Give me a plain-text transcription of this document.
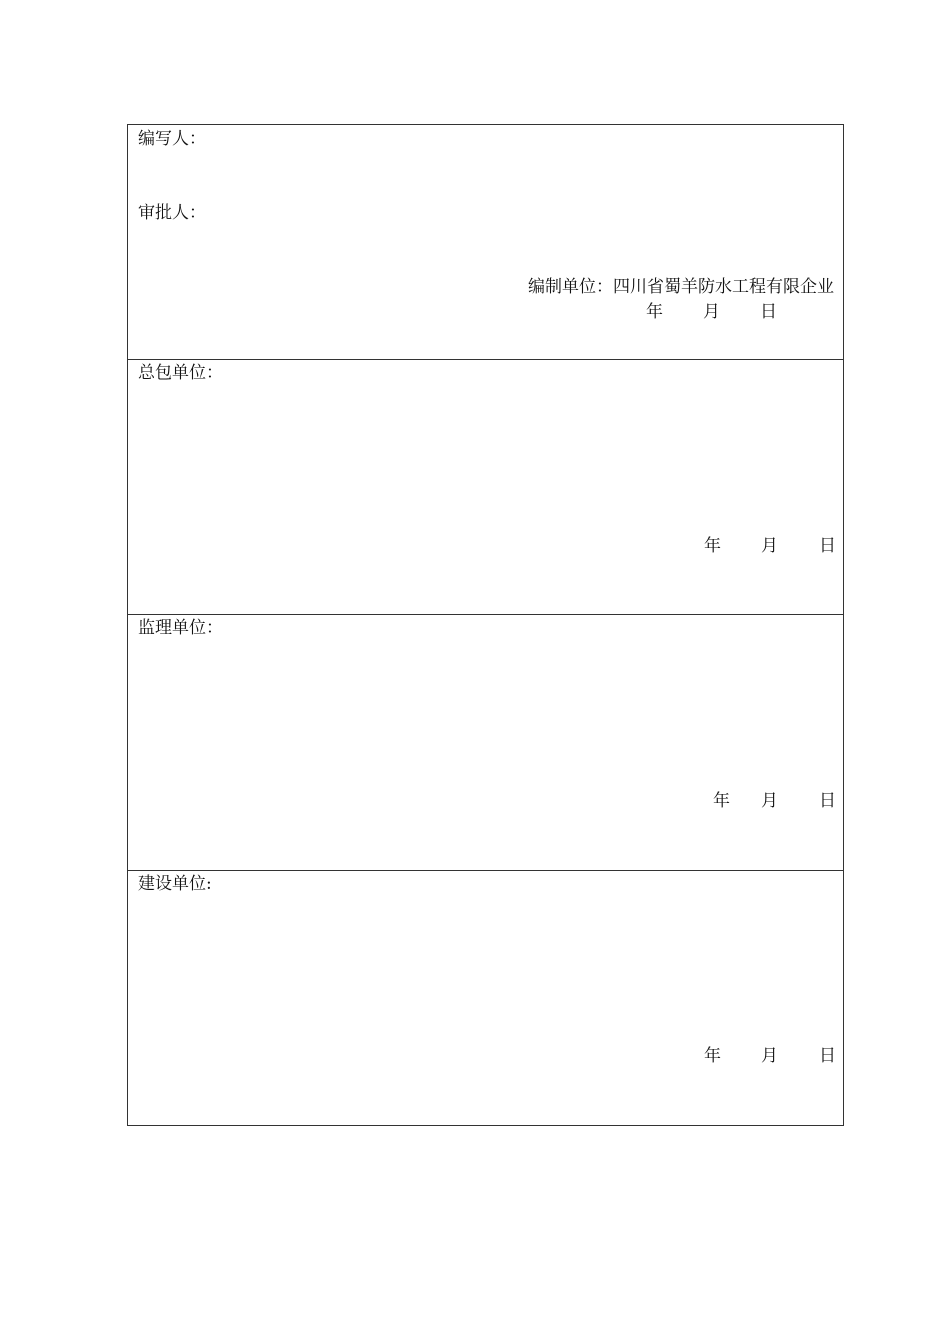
编写人：
审批人：
编制单位：四川省蜀羊防水工程有限企业
年 月 日
总包单位：
年 月 日
监理单位：
年 月 日
建设单位:
年 月 日
